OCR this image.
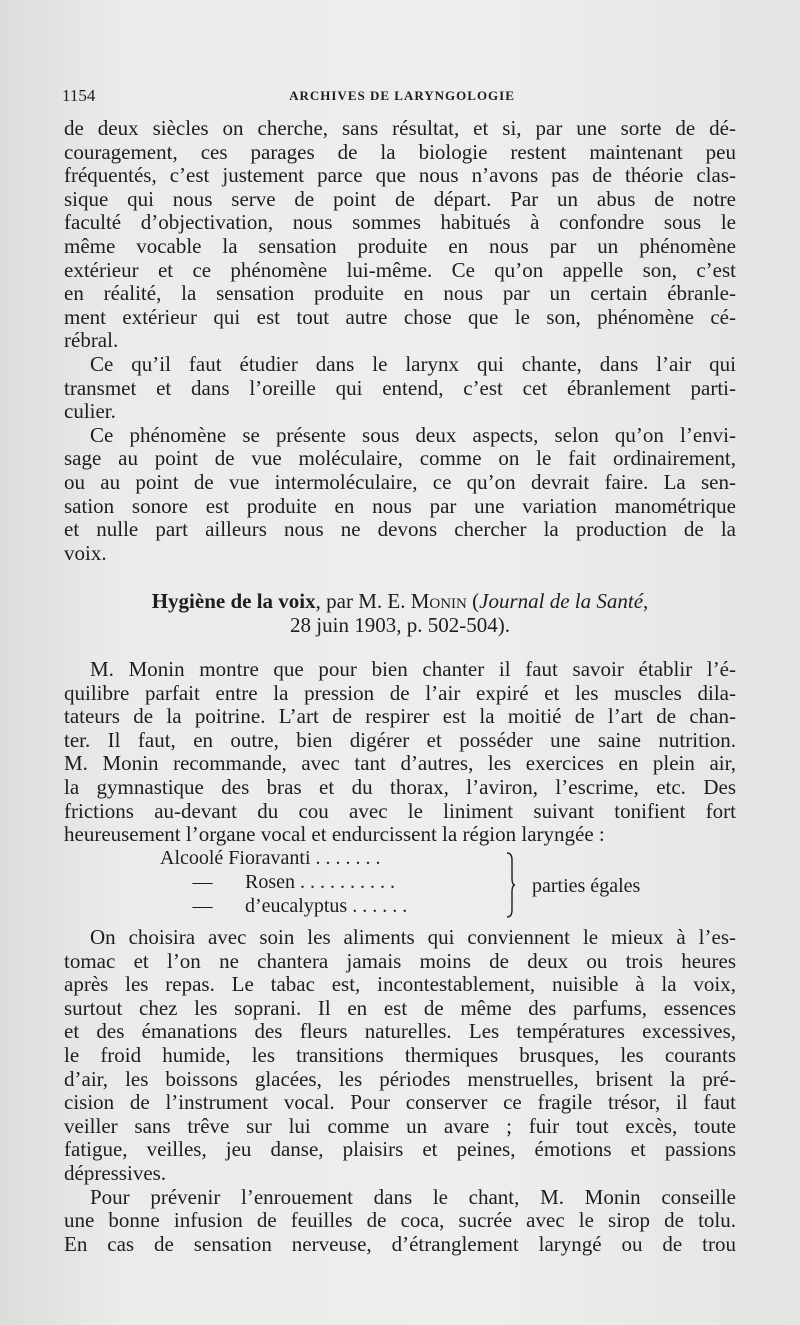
1154	ARCHIVES DE LARYNGOLOGIE
de deux siècles on cherche, sans résultat, et si, par une sorte de dé-
couragement, ces parages de la biologie restent maintenant peu
fréquentés, c’est justement parce que nous n’avons pas de théorie clas-
sique qui nous serve de point de départ. Par un abus de notre
faculté d’objectivation, nous sommes habitués à confondre sous le
même vocable la sensation produite en nous par un phénomène
extérieur et ce phénomène lui-même. Ce qu’on appelle son, c’est
en réalité, la sensation produite en nous par un certain ébranle-
ment extérieur qui est tout autre chose que le son, phénomène cé-
rébral.
Ce qu’il faut étudier dans le larynx qui chante, dans l’air qui
transmet et dans l’oreille qui entend, c’est cet ébranlement parti-
culier.
Ce phénomène se présente sous deux aspects, selon qu’on l’envi-
sage au point de vue moléculaire, comme on le fait ordinairement,
ou au point de vue intermoléculaire, ce qu’on devrait faire. La sen-
sation sonore est produite en nous par une variation manométrique
et nulle part ailleurs nous ne devons chercher la production de la
voix.
Hygiène de la voix, par M. E. Monin (Journal de la Santé,
28 juin 1903, p. 502-504).
M. Monin montre que pour bien chanter il faut savoir établir l’é-
quilibre parfait entre la pression de l’air expiré et les muscles dila-
tateurs de la poitrine. L’art de respirer est la moitié de l’art de chan-
ter. Il faut, en outre, bien digérer et posséder une saine nutrition.
M. Monin recommande, avec tant d’autres, les exercices en plein air,
la gymnastique des bras et du thorax, l’aviron, l’escrime, etc. Des
frictions au-devant du cou avec le liniment suivant tonifient fort
heureusement l’organe vocal et endurcissent la région laryngée :
Alcoolé Fioravanti . . . . . . .
— Rosen . . . . . . . . . .
— d’eucalyptus . . . . . .
parties égales
On choisira avec soin les aliments qui conviennent le mieux à l’es-
tomac et l’on ne chantera jamais moins de deux ou trois heures
après les repas. Le tabac est, incontestablement, nuisible à la voix,
surtout chez les soprani. Il en est de même des parfums, essences
et des émanations des fleurs naturelles. Les températures excessives,
le froid humide, les transitions thermiques brusques, les courants
d’air, les boissons glacées, les périodes menstruelles, brisent la pré-
cision de l’instrument vocal. Pour conserver ce fragile trésor, il faut
veiller sans trêve sur lui comme un avare ; fuir tout excès, toute
fatigue, veilles, jeu danse, plaisirs et peines, émotions et passions
dépressives.
Pour prévenir l’enrouement dans le chant, M. Monin conseille
une bonne infusion de feuilles de coca, sucrée avec le sirop de tolu.
En cas de sensation nerveuse, d’étranglement laryngé ou de trou
